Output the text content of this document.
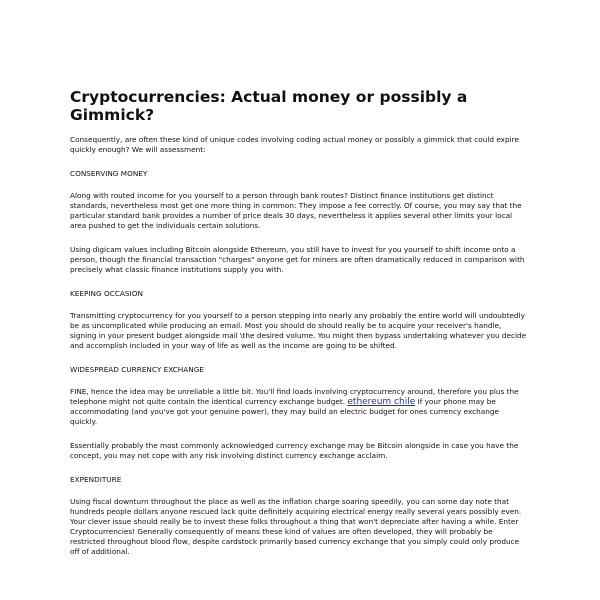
Cryptocurrencies: Actual money or possibly a Gimmick?

Consequently, are often these kind of unique codes involving coding actual money or possibly a gimmick that could expire quickly enough? We will assessment:

CONSERVING MONEY

Along with routed income for you yourself to a person through bank routes? Distinct finance institutions get distinct standards, nevertheless most get one more thing in common: They impose a fee correctly. Of course, you may say that the particular standard bank provides a number of price deals 30 days, nevertheless it applies several other limits your local area pushed to get the individuals certain solutions.

Using digicam values including Bitcoin alongside Ethereum, you still have to invest for you yourself to shift income onto a person, though the financial transaction "charges" anyone get for miners are often dramatically reduced in comparison with precisely what classic finance institutions supply you with.

KEEPING OCCASION

Transmitting cryptocurrency for you yourself to a person stepping into nearly any probably the entire world will undoubtedly be as uncomplicated while producing an email. Most you should do should really be to acquire your receiver's handle, signing in your present budget alongside mail \the desired volume. You might then bypass undertaking whatever you decide and accomplish included in your way of life as well as the income are going to be shifted.

WIDESPREAD CURRENCY EXCHANGE

FINE, hence the idea may be unreliable a little bit. You'll find loads involving cryptocurrency around, therefore you plus the telephone might not quite contain the identical currency exchange budget. ethereum chile If your phone may be accommodating (and you've got your genuine power), they may build an electric budget for ones currency exchange quickly.

Essentially probably the most commonly acknowledged currency exchange may be Bitcoin alongside in case you have the concept, you may not cope with any risk involving distinct currency exchange acclaim.

EXPENDITURE

Using fiscal downturn throughout the place as well as the inflation charge soaring speedily, you can some day note that hundreds people dollars anyone rescued lack quite definitely acquiring electrical energy really several years possibly even. Your clever issue should really be to invest these folks throughout a thing that won't depreciate after having a while. Enter Cryptocurrencies! Generally consequently of means these kind of values are often developed, they will probably be restricted throughout blood flow, despite cardstock primarily based currency exchange that you simply could only produce off of additional.
